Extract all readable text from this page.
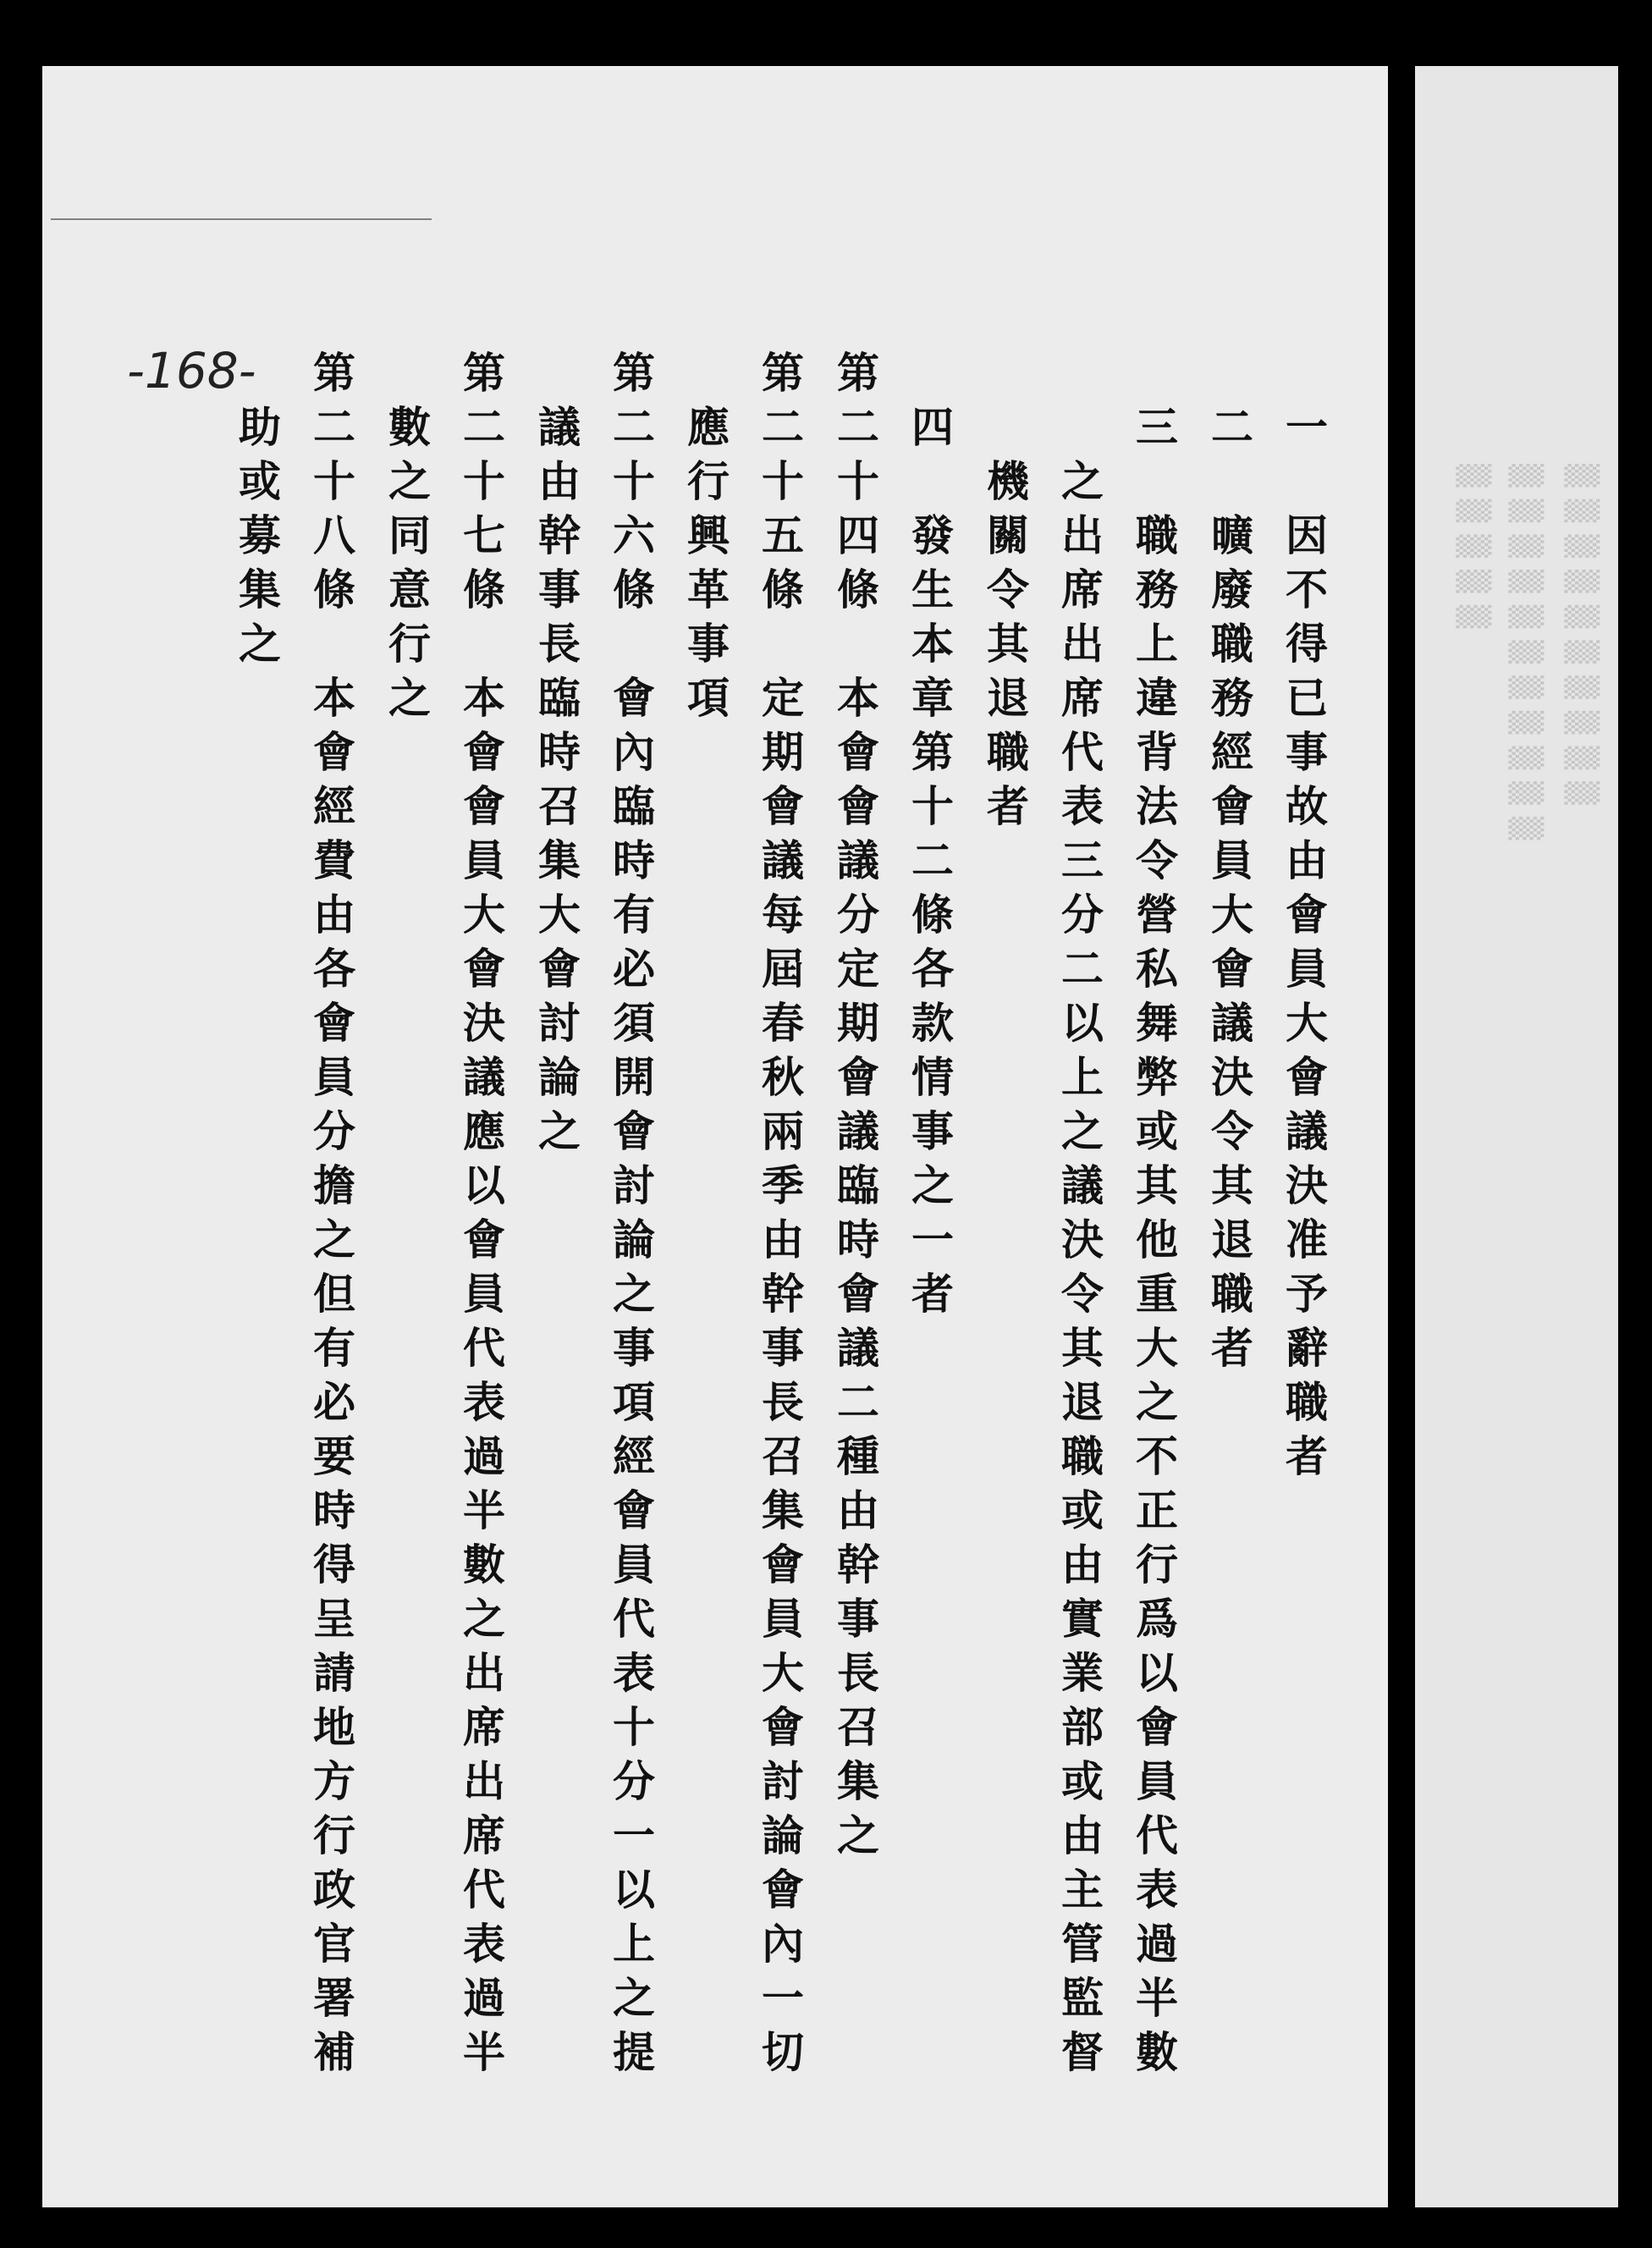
▒▒▒▒▒▒▒▒▒▒
▒▒▒▒▒▒▒▒▒▒▒
▒▒▒▒▒
-168-
一　因不得已事故由會員大會議決准予辭職者
二　曠廢職務經會員大會議決令其退職者
三　職務上違背法令營私舞弊或其他重大之不正行爲以會員代表過半數
之出席出席代表三分二以上之議決令其退職或由實業部或由主管監督
機關令其退職者
四　發生本章第十二條各款情事之一者
第二十四條　本會會議分定期會議臨時會議二種由幹事長召集之
第二十五條　定期會議每屆春秋兩季由幹事長召集會員大會討論會內一切
應行興革事項
第二十六條　會內臨時有必須開會討論之事項經會員代表十分一以上之提
議由幹事長臨時召集大會討論之
第二十七條　本會會員大會決議應以會員代表過半數之出席出席代表過半
數之同意行之
第二十八條　本會經費由各會員分擔之但有必要時得呈請地方行政官署補
助或募集之
